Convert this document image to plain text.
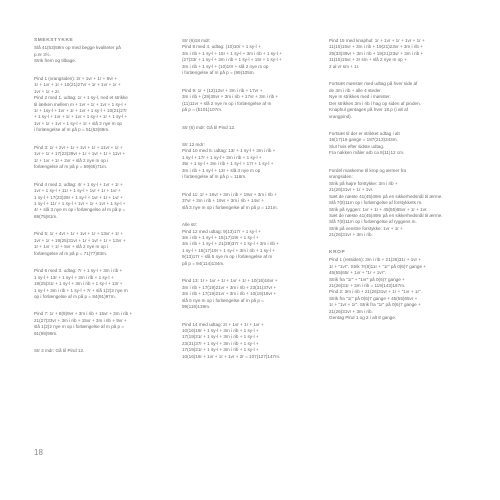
SMEKSTYKKE

Slå 41(53)59m op med begge kvaliteter på

p.nr 3½.

Strik frem og tilbage.

Pind 1 (vrangsiden): 2r + 1vr + 1r + 8vr +

1r + 1vr + 1r + 10(21)27vr + 1r + 1vr + 1r +

1vr + 1r + 2r.

Pind 2 med 1. udtag: 1r + 1 sy-l, ned et strikke

til lærken mellem m + 1vr + 1r + 1vr + 1 sy-l +

1r + 1sy-l + 1vr + 1r + 1vr + 1 sy-l + 10(21)27r

+ 1 sy-l + 1vr + 1r + 1vr + 1 sy-l + 1r + 1 sy-l +

1vr + 1r + 1vr + 1 sy-l + 1r + slå 2 nye m op

i forlængelse af m på p = 51(63)69m.

Pind 3: 1r + 2vr + 1r + 1vr + 1r + 11vr + 1r +

1vr + 1r + 17(23)29vr + 1r + 1vr + 1r + 11vr +

1r + 1vr + 1r + 2vr + slå 2 nye m op i

forlængelse af m på p = 59(65)71m.

Pind 4 med 2. udtag: 4r + 1 sy-l + 1vr + 1r +

1vr + 1 sy-l + 11r + 1 sy-l + 1vr + 1r + 1vr +

1 sy-l + 17(23)29r + 1 sy-l + 1vr + 1r + 1vr +

1 sy-l + 11r + 1 sy-l + 1vr + 1r + 1vr + 1 sy-l +

4r + slå 3 nye m op i forlængelse af m på p =

69(75)81m.

Pind 5: 1r + 4vr + 1r + 1vr + 1r + 13vr + 1r +

1vr + 1r + 19(25)31vr + 1r + 1vr + 1r + 13vr +

1r + 1vr + 1r + 5vr + slå 2 nye m op i

forlængelse af m på p = 71(77)83m.

Pind 6 med 3. udtag: 7r + 1 sy-l + 3m i rib +

1 sy-l + 13r + 1 sy-l + 3m i rib + 1 sy-l +

19(25)31r + 1 sy-l + 3m i rib + 1 sy-l + 13r +

1 sy-l + 3m i rib + 1 sy-l + 7r + slå 1(2)2 nye m

op i forlængelse af m på p = 84(91)97m.

Pind 7: 1r + 8(9)9vr + 3m i rib + 15vr + 3m i rib +

21(27)33vr + 3m i rib + 15vr + 3m i rib + 9vr +

slå 1(2)2 nye m op i forlængelse af m på p =

91(99)99m.

Str 3 mdr: Gå til Pind 12.

Str (6)18 mdr:

Pind 8 med 4. udtag: (10)10r + 1 sy-l +

3m i rib + 1 sy-l + 15r + 1 sy-l + 3m i rib + 1 sy-l +

(27)33r + 1 sy-l + 3m i rib + 1 sy-l + 15r + 1 sy-l +

3m i rib + 1 sy-l + (10)10r + slå 2 nye m op

i forlængelse af m på p = (99)105m.

Pind 9: 1r + (12)12vr + 3m i rib + 17vr +

3m i rib + (29)35vr + 3m i rib + 17vr + 3m i rib +

(11)11vr + slå 2 nye m op i forlængelse af m

på p = (b101)107m.

Str (6) mdr: Gå til Pind 12.

Str 12 mdr:

Pind 10 med 5. udtag: 13r + 1 sy-l + 3m i rib +

1 sy-l + 17r + 1 sy-l + 3m i rib + 1 sy-l +

35r + 1 sy-l + 3m i rib + 1 sy-l + 17r + 1 sy-l +

3m i rib + 1 sy-l + 13r + slå 3 nye m op

i forlængelse af m på p = 116m.

Pind 11: 1r + 16vr + 3m i rib + 19vr + 3m i rib +

37vr + 3m i rib + 19vr + 3m i rib + 14vr +

slå 3 nye m op i forlængelse af m på p = 121m.

Alle str:

Pind 12 med udtag: 9(13)17r + 1 sy-l +

3m i rib + 1 sy-l + 15(17)19r + 1 sy-l +

3m i rib + 1 sy-l + 21(29)37r + 1 sy-l + 3m i rib +

1 sy-l + 15(17)19r + 1 sy-l + 3m i rib + 1 sy-l +

9(13)17r + slå 5 nye m op i forlængelse af m

på p = 94(114)134m.

Pind 13: 1r + 1vr + 1r + 1vr + 1r + 10(16)16vr +

3m i rib + 17(19)21vr + 3m i rib + 23(31)37vr +

3m i rib + 17(19)21vr + 3m i rib + 10(16)16vr +

slå 5 nye m op i forlængelse af m på p =

99(119)139m.

Pind 14 med udtag: 2r + 1vr + 1r + 1vr +

10(16)16r + 1 sy-l + 3m i rib + 1 sy-l +

17(19)21r + 1 sy-l + 3m i rib + 1 sy-l +

23(31)37r + 1 sy-l + 3m i rib + 1 sy-l +

17(19)21r + 1 sy-l + 3m i rib + 1 sy-l +

10(16)16r + 1vr + 1r + 1vr + 2r = 107(127)147m.

Pind 15 med knaphul: 1r + 1vr + 1r + 1vr + 1r +

11(15)15vr + 3m i rib + 19(21)23vr + 3m i rib +

25(33)39vr + 3m i rib + 19(21)23vr + 3m i rib +

11(15)15vr + 2r sm + slå 2 nye m op +

2 al vr sm + 1r.

Fortsæt mønster med udtag på hver side af

de 3m i rib + alle 4 steder.

Nye m strikkes med i mønster.

Der strikkes 3m i rib i hag op siden af pinden.

Knaphul gentages på hver 18.p (i alt af

vrangpind).

Fortsæt til der er strikket udtag i alt

16(17)19 gange = 187(213)243m.

Slut hvis efter sidste udtag.

Fra nakken måler arb ca 8(11)12 cm.

Fordel maskerne til krop og ærmer fra

vrangsiden:

Strik på højre forstykke: 3m i rib +

21(26)31vr + 1r + 1vr.

Sæt de næste 41(45)49m på en sikkerhedsnål til ærme.

Slå 7(8)11m op i forlængelse af forstykkets m.

Strik på ryggen: 1vr + 1r + 45(55)65vr + 1r + 1vr.

Sæt de næste 41(45)49m på en sikkerhedsnål til ærme.

Slå 7(8)11m op i forlængelse af ryggens m.

Strik på venstre forstykke: 1vr + 1r +

21(26)31vr + 3m i rib.

KROP

Pind 1 (retsiden): 3m i rib + 21(26)31r + 1vr +

1r + "1vr". Strik 7r(8)11r + "1r" på 0(6)7 gange +

45(55)65r + 1vr + "1r + 1vr".

Strik fra "1r" + "1vr" på 0(6)7 gange +

21(26)31r + 3m i rib = 119(143)167m.

Pind 2: 3m i rib + 21(26)31vr + 1r + "1vr + 1r".

Strik fra "1r" på 0(6)7 gange + 45(55)65vr +

1r + "1vr + 1r". Strik fra "1r" på 0(6)7 gange +

21(26)31vr + 3m i rib.

Gentag Pind 1 og 2 i alt 8 gange.

18
